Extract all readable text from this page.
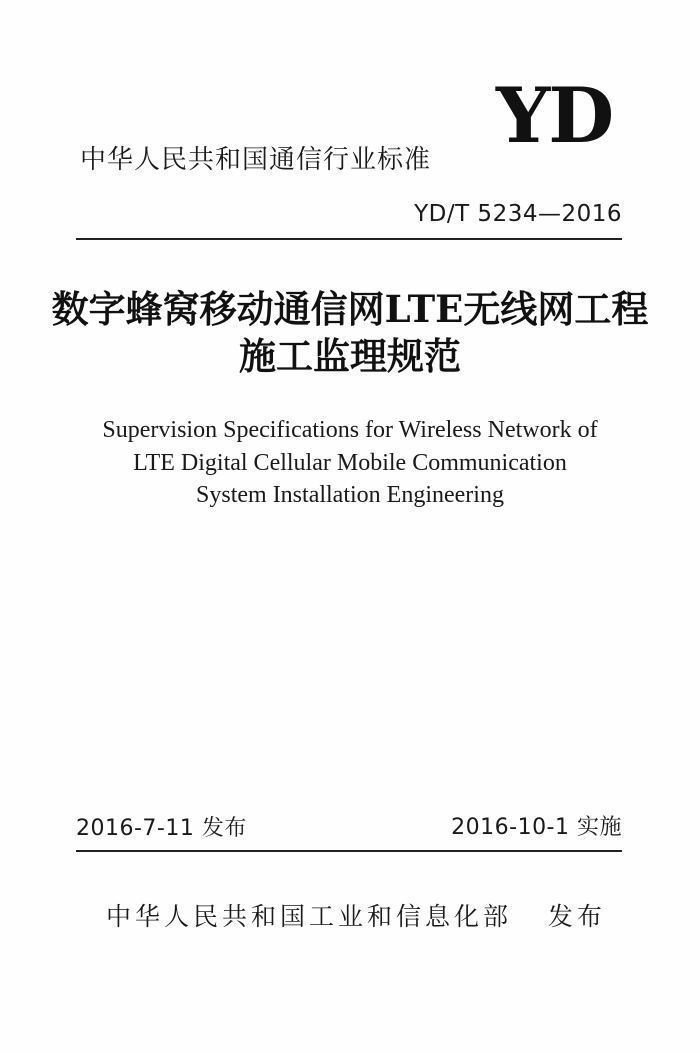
YD
中华人民共和国通信行业标准
YD/T 5234—2016
数字蜂窝移动通信网LTE无线网工程
施工监理规范
Supervision Specifications for Wireless Network of
LTE Digital Cellular Mobile Communication
System Installation Engineering
2016-7-11 发布	2016-10-1 实施
中华人民共和国工业和信息化部   发布
